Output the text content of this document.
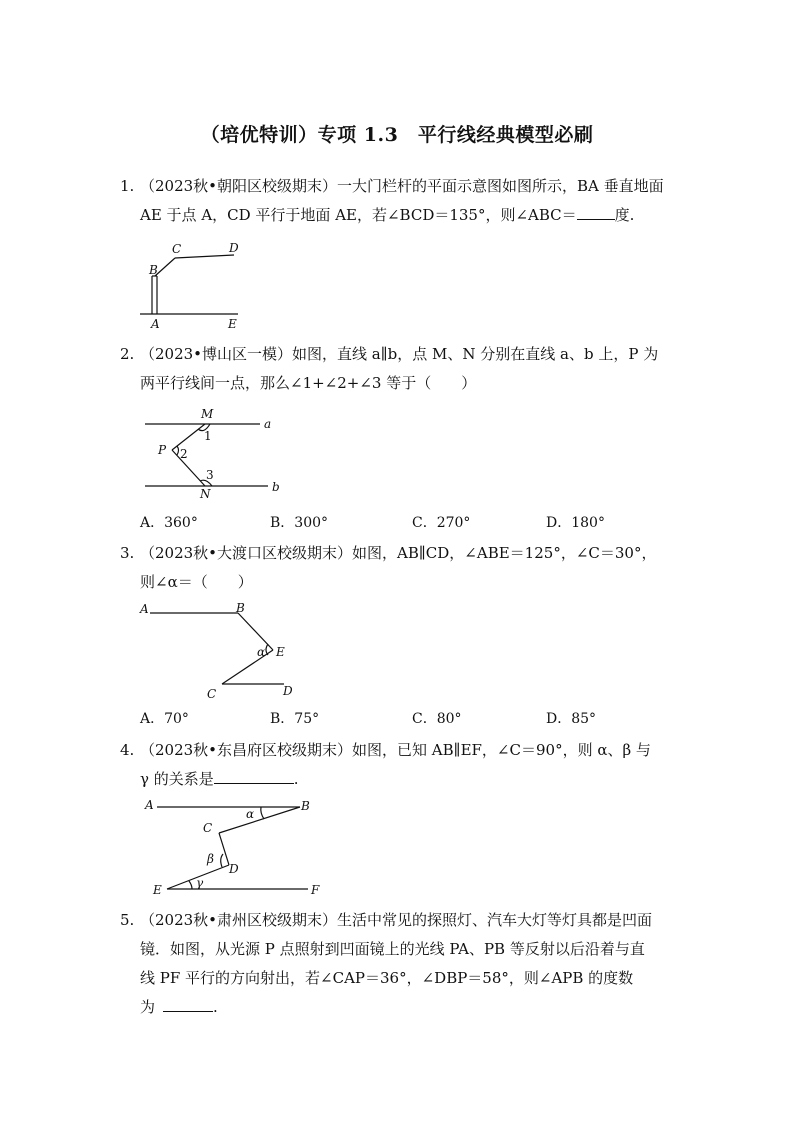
（培优特训）专项 1.3　平行线经典模型必刷
1. （2023秋•朝阳区校级期末）一大门栏杆的平面示意图如图所示，BA 垂直地面
AE 于点 A，CD 平行于地面 AE，若∠BCD＝135°，则∠ABC＝	度.
B
C	D
A	E
2. （2023•博山区一模）如图，直线 a∥b，点 M、N 分别在直线 a、b 上，P 为
两平行线间一点，那么∠1+∠2+∠3 等于（　　）
M
a
1
P 2
3
N	b
A．360°	B．300°	C．270°	D．180°
3. （2023秋•大渡口区校级期末）如图，AB∥CD，∠ABE＝125°，∠C＝30°，
则∠α＝（　　）
A	B
α E
C	D
A．70°	B．75°	C．80°	D．85°
4. （2023秋•东昌府区校级期末）如图，已知 AB∥EF，∠C＝90°，则 α、β 与
γ 的关系是	.
A	B
α
C
β
D
γ
E	F
5. （2023秋•肃州区校级期末）生活中常见的探照灯、汽车大灯等灯具都是凹面
镜．如图，从光源 P 点照射到凹面镜上的光线 PA、PB 等反射以后沿着与直
线 PF 平行的方向射出，若∠CAP＝36°，∠DBP＝58°，则∠APB 的度数
为	.
